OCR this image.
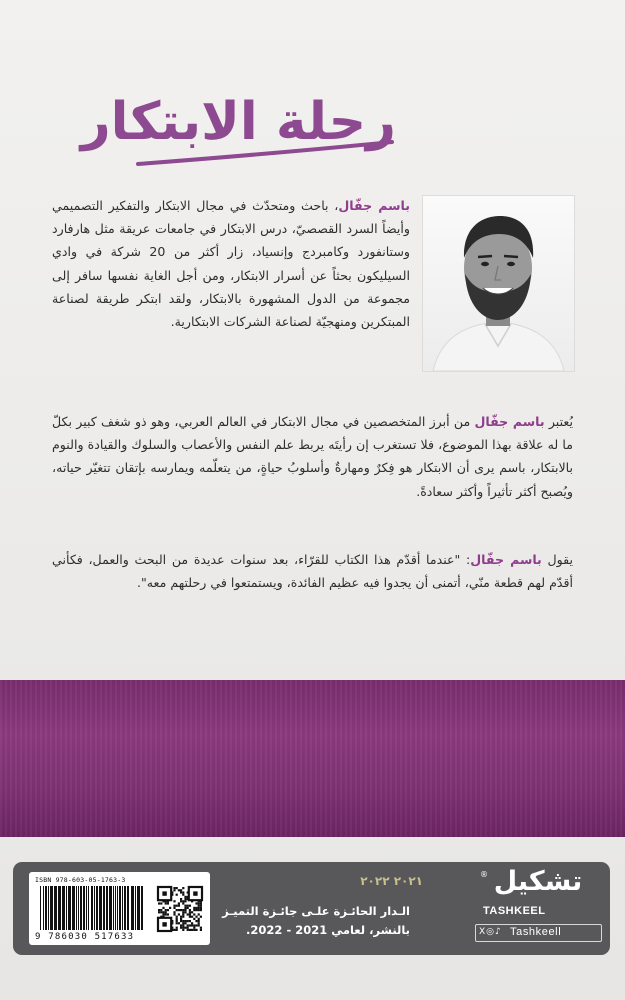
رحلة الابتكار
باسم جفّال، باحث ومتحدّث في مجال الابتكار والتفكير التصميمي وأيضاً السرد القصصيّ، درس الابتكار في جامعات عريقة مثل هارفارد وستانفورد وكامبردج وإنسياد، زار أكثر من 20 شركة في وادي السيليكون بحثاً عن أسرار الابتكار، ومن أجل الغاية نفسها سافر إلى مجموعة من الدول المشهورة بالابتكار، ولقد ابتكر طريقة لصناعة المبتكرين ومنهجيّة لصناعة الشركات الابتكارية.
يُعتبر باسم جفّال من أبرز المتخصصين في مجال الابتكار في العالم العربي، وهو ذو شغف كبير بكلّ ما له علاقة بهذا الموضوع، فلا تستغرب إن رأيتَه يربط علم النفس والأعصاب والسلوك والقيادة والنوم بالابتكار، باسم يرى أن الابتكار هو فِكرٌ ومهارةٌ وأسلوبُ حياةٍ، من يتعلّمه ويمارسه بإتقان تتغيّر حياته، ويُصبح أكثر تأثيراً وأكثر سعادةً.
يقول باسم جفّال: "عندما أقدّم هذا الكتاب للقرّاء، بعد سنوات عديدة من البحث والعمل، فكأني أقدّم لهم قطعة منّي، أتمنى أن يجدوا فيه عظيم الفائدة، ويستمتعوا في رحلتهم معه".
ISBN 978-603-05-1763-3
9 786030 517633
٢٠٢١ ٢٠٢٢
الـدار الحائـزة علـى جائـزة التميـز
بالنشر، لعامي 2021 - 2022.
® تشكيل
TASHKEEL
X◎♪ Tashkeell
